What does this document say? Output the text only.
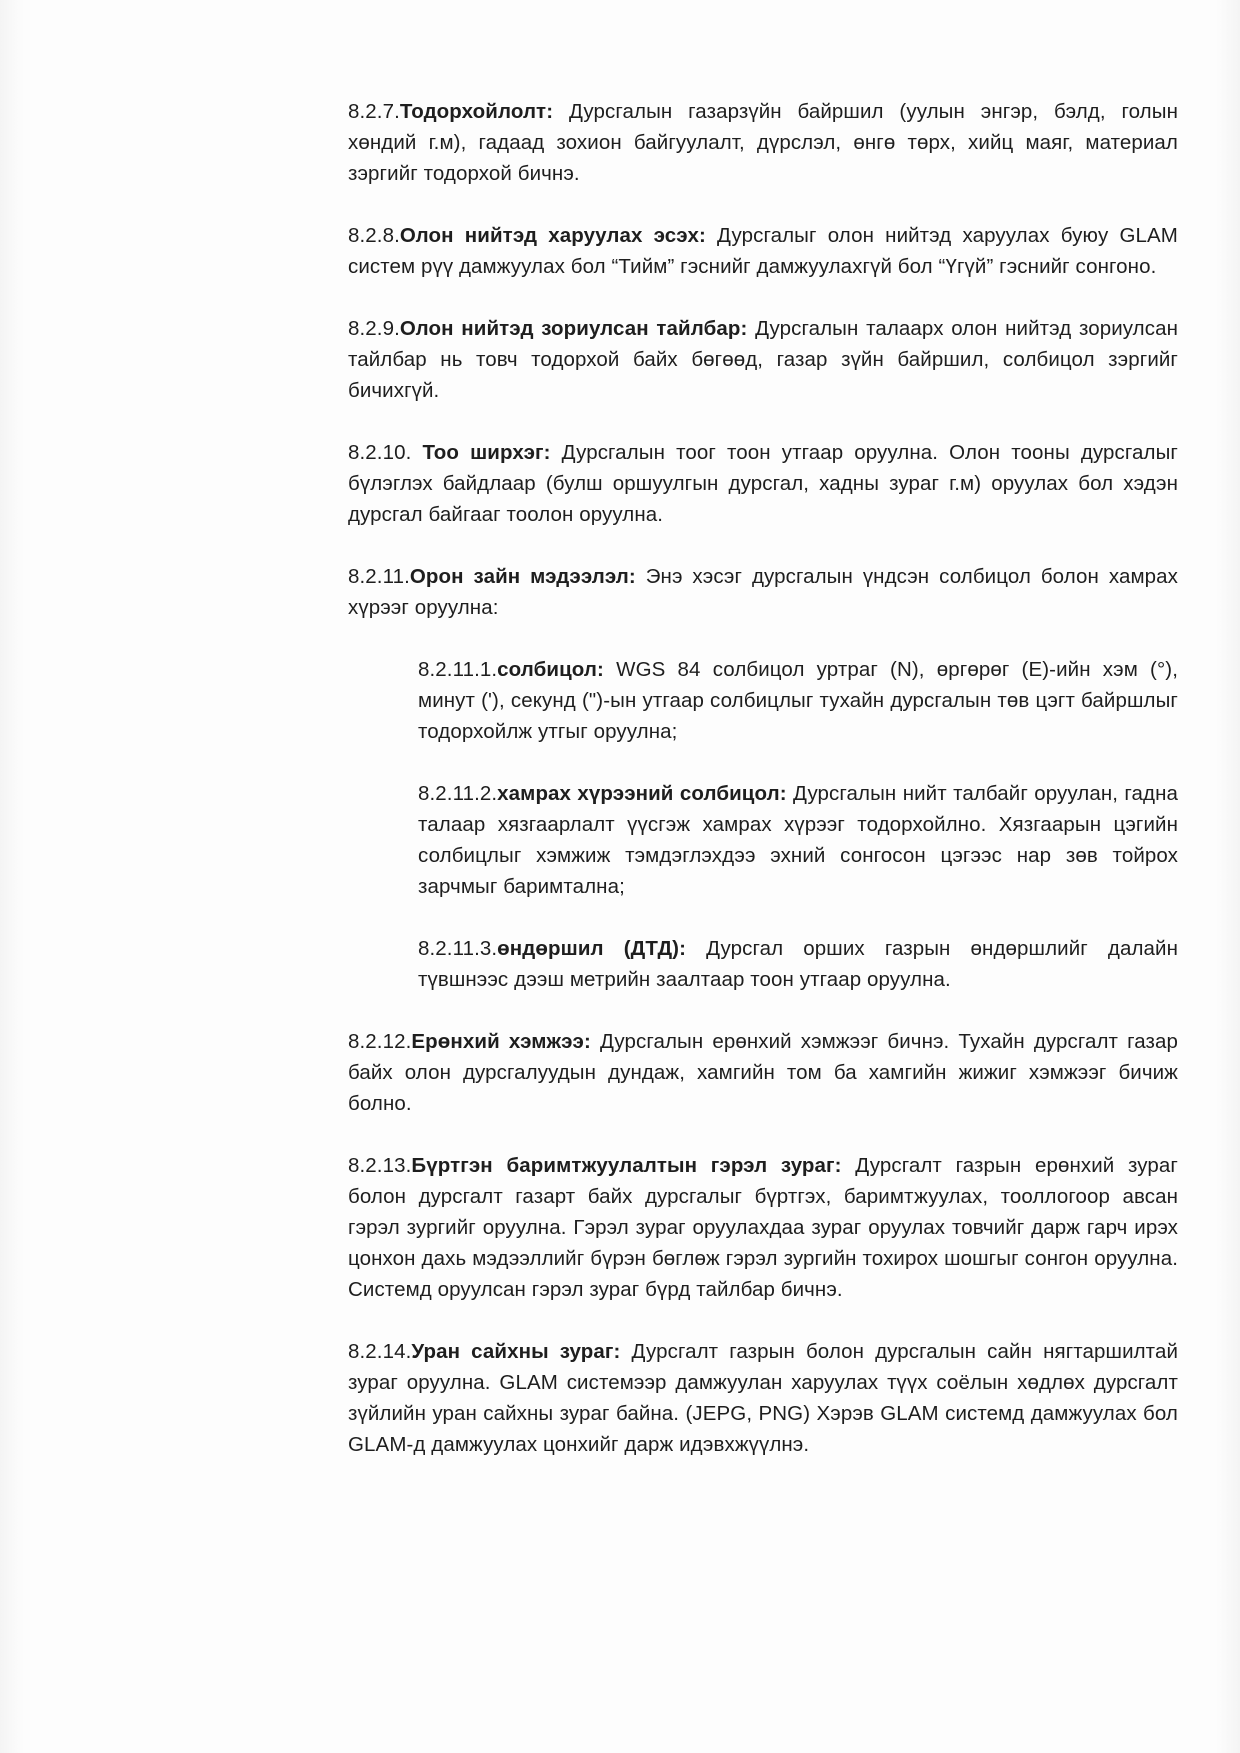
8.2.7.Тодорхойлолт: Дурсгалын газарзүйн байршил (уулын энгэр, бэлд, голын хөндий г.м), гадаад зохион байгуулалт, дүрслэл, өнгө төрх, хийц маяг, материал зэргийг тодорхой бичнэ.

8.2.8.Олон нийтэд харуулах эсэх: Дурсгалыг олон нийтэд харуулах буюу GLAM систем рүү дамжуулах бол “Тийм” гэснийг дамжуулахгүй бол “Үгүй” гэснийг сонгоно.

8.2.9.Олон нийтэд зориулсан тайлбар: Дурсгалын талаарх олон нийтэд зориулсан тайлбар нь товч тодорхой байх бөгөөд, газар зүйн байршил, солбицол зэргийг бичихгүй.

8.2.10. Тоо ширхэг: Дурсгалын тоог тоон утгаар оруулна. Олон тооны дурсгалыг бүлэглэх байдлаар (булш оршуулгын дурсгал, хадны зураг г.м) оруулах бол хэдэн дурсгал байгааг тоолон оруулна.

8.2.11.Орон зайн мэдээлэл: Энэ хэсэг дурсгалын үндсэн солбицол болон хамрах хүрээг оруулна:

8.2.11.1.солбицол: WGS 84 солбицол уртраг (N), өргөрөг (E)-ийн хэм (°), минут ('), секунд (")-ын утгаар солбицлыг тухайн дурсгалын төв цэгт байршлыг тодорхойлж утгыг оруулна;

8.2.11.2.хамрах хүрээний солбицол: Дурсгалын нийт талбайг оруулан, гадна талаар хязгаарлалт үүсгэж хамрах хүрээг тодорхойлно. Хязгаарын цэгийн солбицлыг хэмжиж тэмдэглэхдээ эхний сонгосон цэгээс нар зөв тойрох зарчмыг баримтална;

8.2.11.3.өндөршил (ДТД): Дурсгал орших газрын өндөршлийг далайн түвшнээс дээш метрийн заалтаар тоон утгаар оруулна.

8.2.12.Ерөнхий хэмжээ: Дурсгалын ерөнхий хэмжээг бичнэ. Тухайн дурсгалт газар байх олон дурсгалуудын дундаж, хамгийн том ба хамгийн жижиг хэмжээг бичиж болно.

8.2.13.Бүртгэн баримтжуулалтын гэрэл зураг: Дурсгалт газрын ерөнхий зураг болон дурсгалт газарт байх дурсгалыг бүртгэх, баримтжуулах, тооллогоор авсан гэрэл зургийг оруулна. Гэрэл зураг оруулахдаа зураг оруулах товчийг дарж гарч ирэх цонхон дахь мэдээллийг бүрэн бөглөж гэрэл зургийн тохирох шошгыг сонгон оруулна. Системд оруулсан гэрэл зураг бүрд тайлбар бичнэ.

8.2.14.Уран сайхны зураг: Дурсгалт газрын болон дурсгалын сайн нягтаршилтай зураг оруулна. GLAM системээр дамжуулан харуулах түүх соёлын хөдлөх дурсгалт зүйлийн уран сайхны зураг байна. (JEPG, PNG) Хэрэв GLAM системд дамжуулах бол GLAM-д дамжуулах цонхийг дарж идэвхжүүлнэ.
